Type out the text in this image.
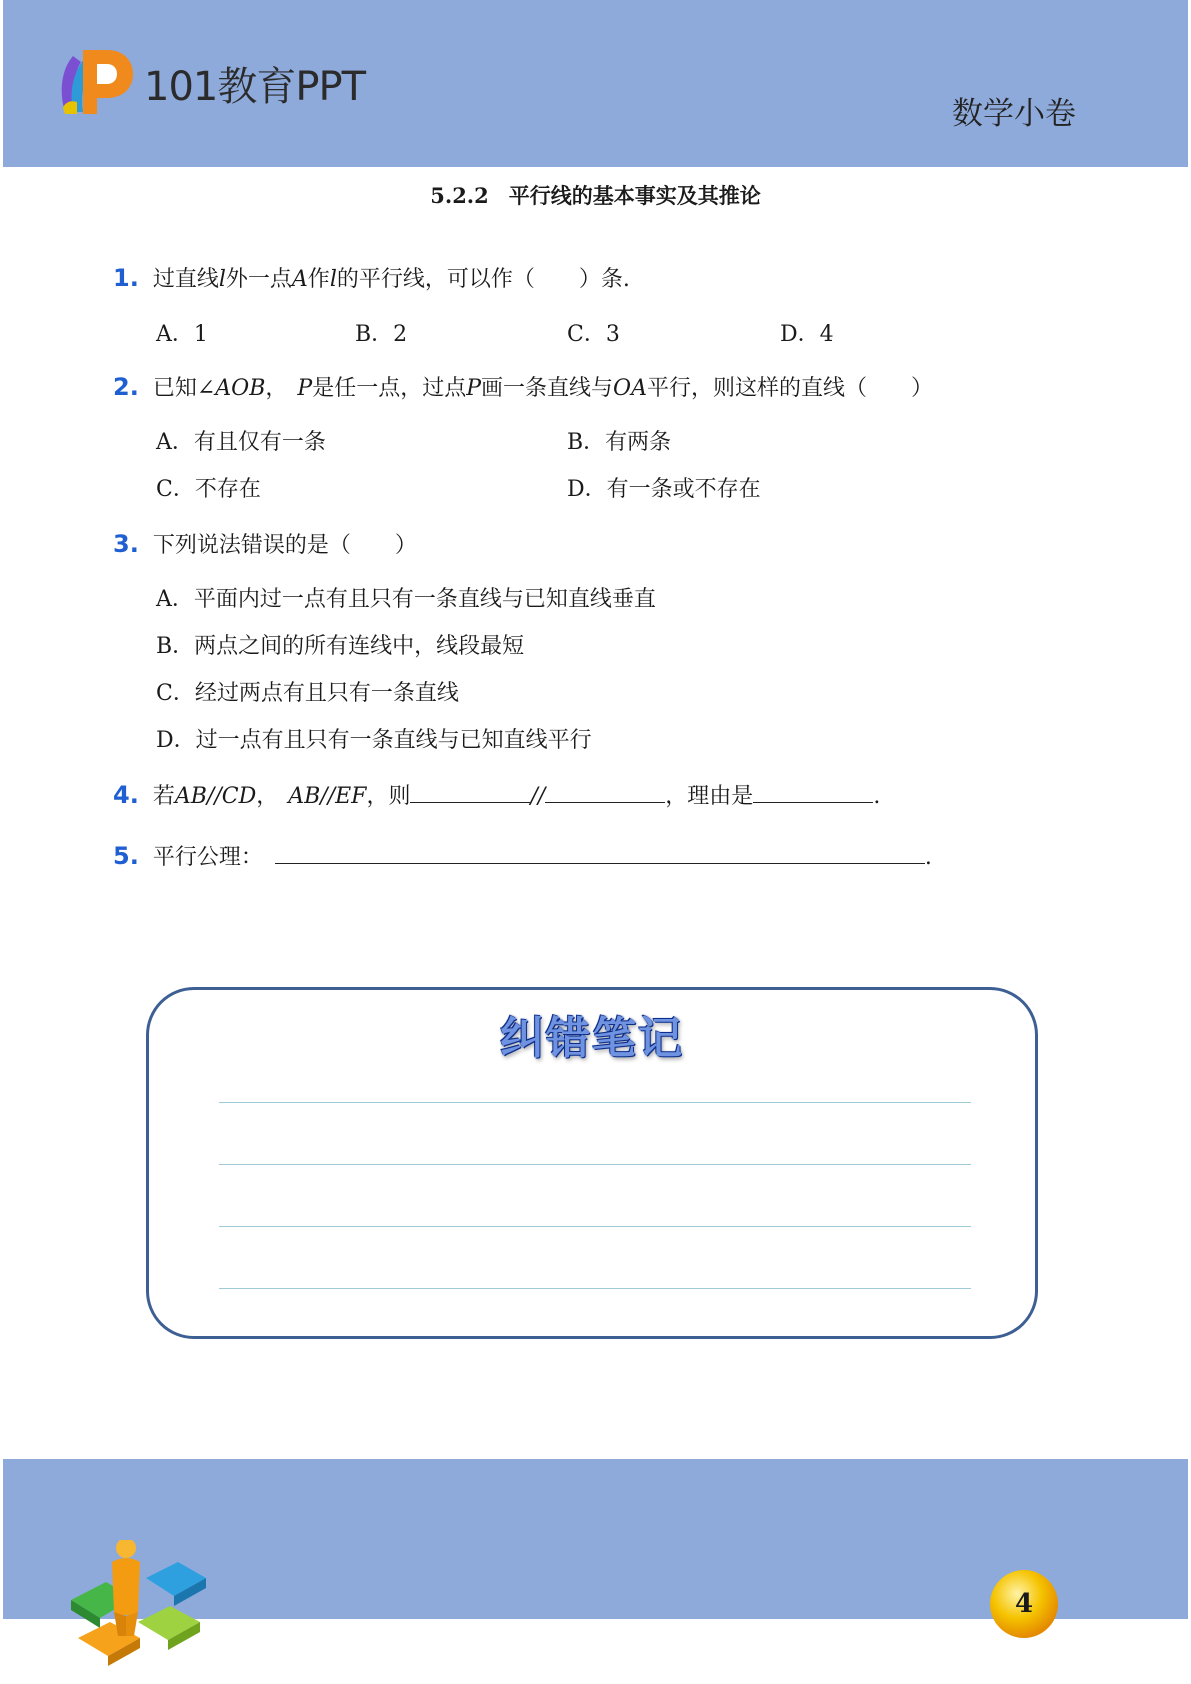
101教育PPT
数学小卷
5.2.2 平行线的基本事实及其推论
1. 过直线l外一点A作l的平行线，可以作（　　）条.
A．1	B．2	C．3	D．4
2. 已知∠AOB， P是任一点，过点P画一条直线与OA平行，则这样的直线（　　）
A．有且仅有一条	B．有两条
C．不存在	D．有一条或不存在
3. 下列说法错误的是（　　）
A．平面内过一点有且只有一条直线与已知直线垂直
B．两点之间的所有连线中，线段最短
C．经过两点有且只有一条直线
D．过一点有且只有一条直线与已知直线平行
4. 若AB//CD， AB//EF，则	//	，理由是	.
5. 平行公理：	.
纠错笔记
4
